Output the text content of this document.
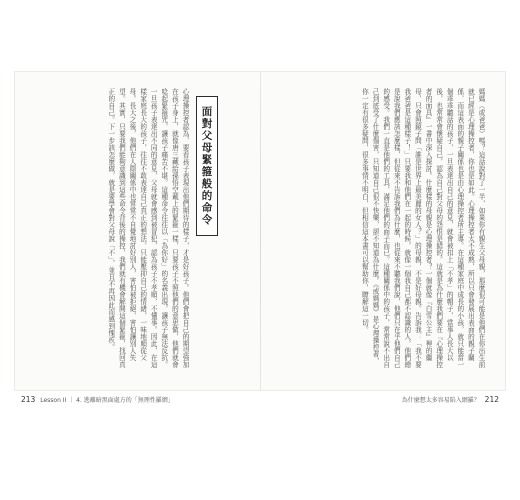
媽媽（或爸爸）嗎？這話說對了一半，如果你有親生父母親，那麼很可能是他們在你出生前就已經是心理操控者，你也是如此。心理操控者太不成熟，所以只會發展出表面的親子關係，而這表面的親子關係也是由心理操控者所主導。在這種家庭中成長的小孩，就只能當一個乖乖聽話的孩子，一旦表達出自己的意見，就會被扣上「不孝」的帽子，當事人長大以後，也常常會懷疑自己，認為自己對父母的怨恨是錯的。這就是為什麼我們要在『心理操控者的面具』一書中深入探討。什麼樣的母親是心理操控者？一個就像『白雪公主』裡的繼母，只會照鏡子問「誰是世界上最美麗的女人？」的母親，不是好母親。告訴我：「我不要我爸爸是這種樣子！」只要我和他們在一起的時候，就像一個我自己都不認識的人，他們總是說我們應該怎麼樣，但從來不告訴我們為什麼，也從來不聽我們說，他們只在乎他們自己的感受。我們一直是他們的工具，滿足他們的面子而已。這種關係中的孩子，常常說不出自己到底受了什麼傷害，只知道自己很不快樂，卻不知道為什麼。《或媽媽》是心理操控者，你一定有很多疑問，很多事情不明白，但相信這本書可以幫助你，瞭解這一切。
面對父母緊箍般的命令
心理操控者認為，要看孩子表現出他們期待的樣子，才是好孩子。他們會把自己的期望強加在孩子身上，就像唐三藏給孫悟空戴上的緊箍一樣，只要孩子不照他們的意思做，他們就會唸起緊箍咒，讓孩子痛苦不堪。這種命令往往以「為你好」的名義出現，讓孩子無法反抗。一旦孩子表達出不同的意見，父母就會感到被冒犯，認為孩子不孝順、不懂事。因此，在這樣家庭長大的孩子，往往不敢表達自己真正的想法，只能壓抑自己的情緒，一味地順從父母。長大之後，他們在人際關係中也常常不自覺地討好別人，害怕被拒絕，害怕讓別人失望。其實，只要我們能夠意識到這些命令背後的操控，我們就有機會解開這個緊箍，找回真正的自己。下一步該怎麼做，就是要學會對父母說「不」，並且不再因此而感到愧疚。
213 Lesson II ｜ 4. 逃離暗黑面處方的「無理性羅網」	為什麼想太多容易陷入網羅？ 212
